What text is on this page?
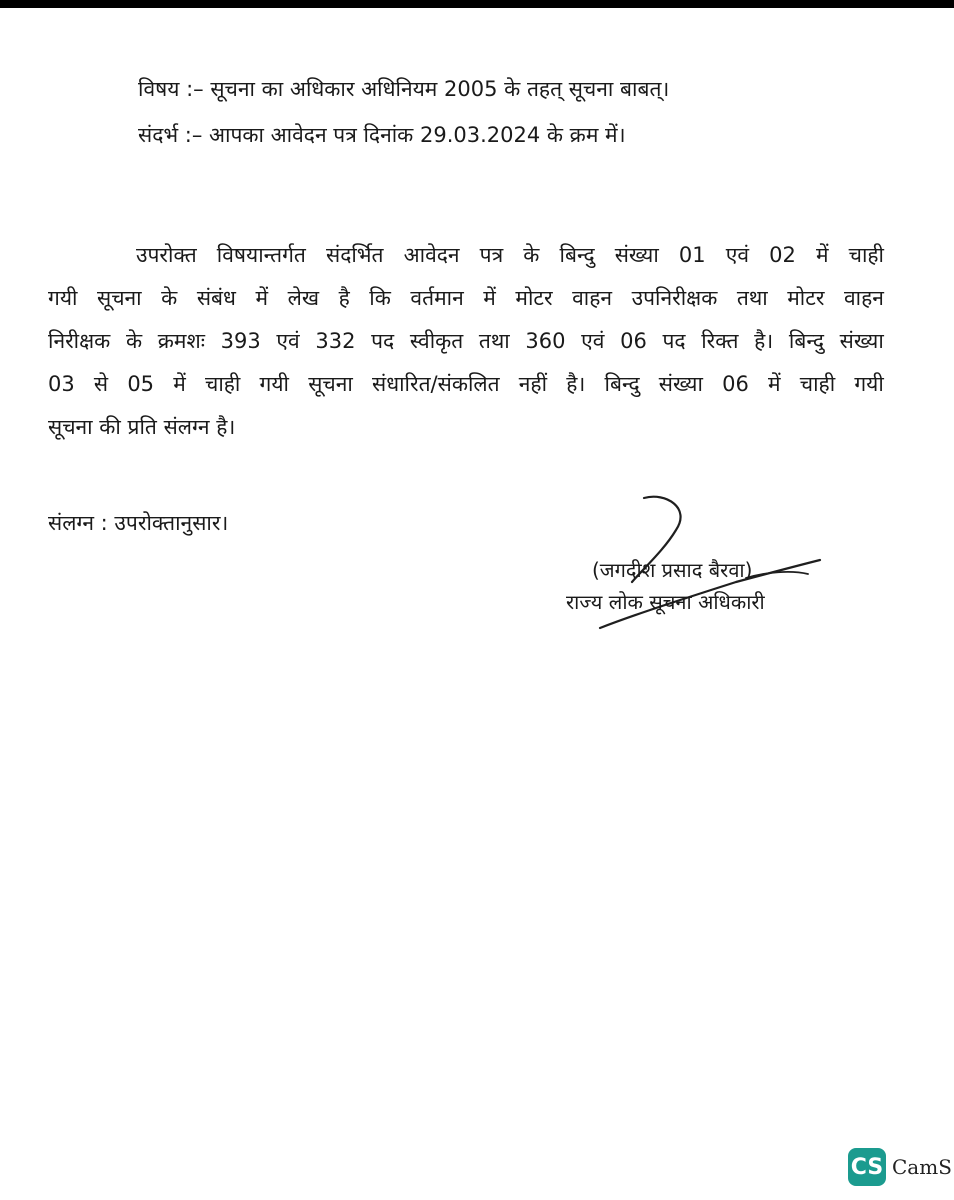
विषय :– सूचना का अधिकार अधिनियम 2005 के तहत् सूचना बाबत्।
संदर्भ :– आपका आवेदन पत्र दिनांक 29.03.2024 के क्रम में।
उपरोक्त विषयान्तर्गत संदर्भित आवेदन पत्र के बिन्दु संख्या 01 एवं 02 में चाही
गयी सूचना के संबंध में लेख है कि वर्तमान में मोटर वाहन उपनिरीक्षक तथा मोटर वाहन
निरीक्षक के क्रमशः 393 एवं 332 पद स्वीकृत तथा 360 एवं 06 पद रिक्त है। बिन्दु संख्या
03 से 05 में चाही गयी सूचना संधारित/संकलित नहीं है। बिन्दु संख्या 06 में चाही गयी
सूचना की प्रति संलग्न है।
संलग्न : उपरोक्तानुसार।
(जगदीश प्रसाद बैरवा)
राज्य लोक सूचना अधिकारी
CS CamS
